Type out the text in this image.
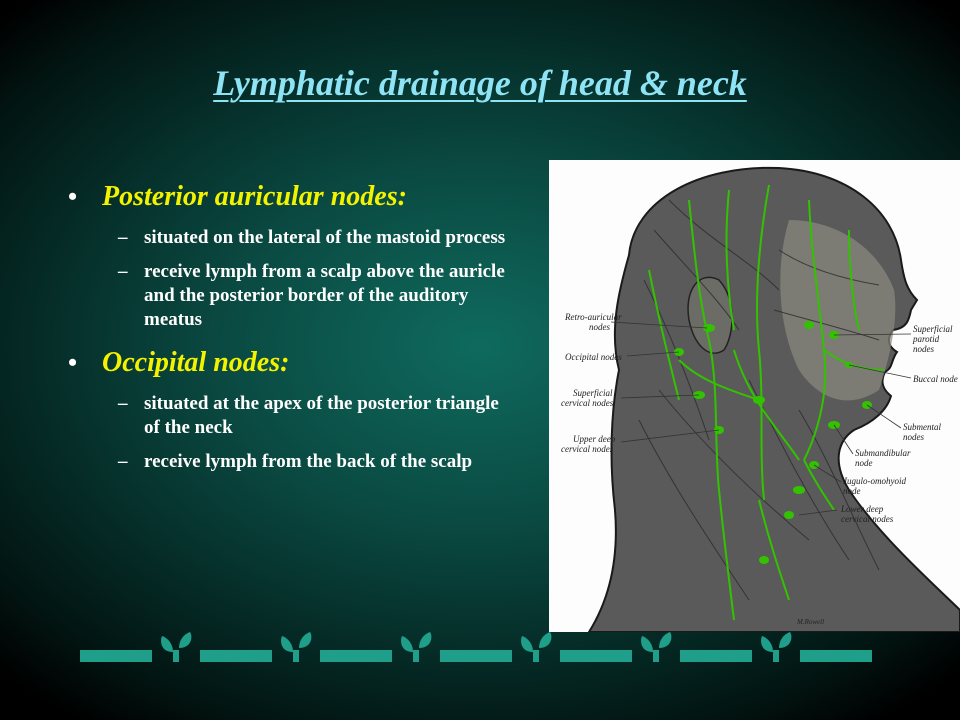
Lymphatic drainage of head & neck
• Posterior auricular nodes:
– situated on the lateral of the mastoid process
– receive lymph from a scalp above the auricle and the posterior border of the auditory meatus
• Occipital nodes:
– situated at the apex of the posterior triangle of the neck
– receive lymph from the back of the scalp
Retro-auricular
nodes
Occipital nodes
Superficial
cervical nodes
Upper deep
cervical nodes
Superficial
parotid
nodes
Buccal node
Submental
nodes
Submandibular
node
Jugulo-omohyoid
node
Lower deep
cervical nodes
M.Rowell
